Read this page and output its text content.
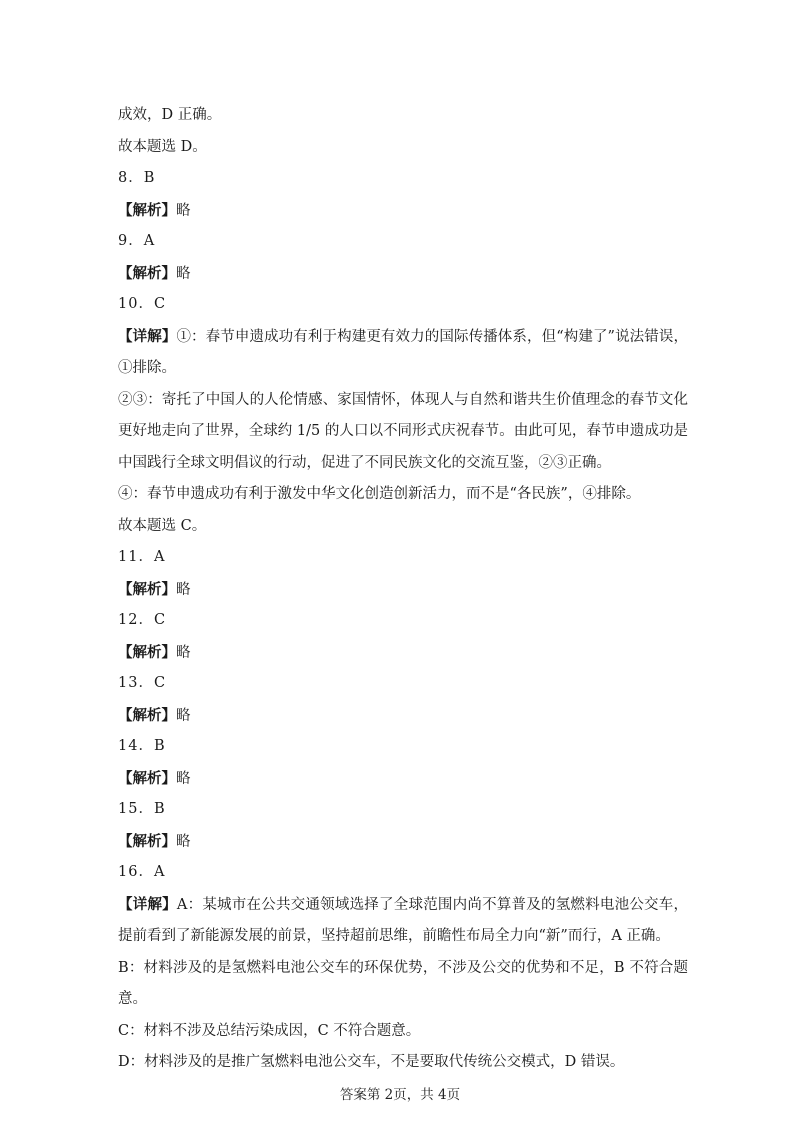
成效，D 正确。
故本题选 D。
8．B
【解析】略
9．A
【解析】略
10．C
【详解】①：春节申遗成功有利于构建更有效力的国际传播体系，但“构建了”说法错误，①排除。
②③：寄托了中国人的人伦情感、家国情怀，体现人与自然和谐共生价值理念的春节文化更好地走向了世界，全球约 1/5 的人口以不同形式庆祝春节。由此可见，春节申遗成功是中国践行全球文明倡议的行动，促进了不同民族文化的交流互鉴，②③正确。
④：春节申遗成功有利于激发中华文化创造创新活力，而不是“各民族”，④排除。
故本题选 C。
11．A
【解析】略
12．C
【解析】略
13．C
【解析】略
14．B
【解析】略
15．B
【解析】略
16．A
【详解】A：某城市在公共交通领域选择了全球范围内尚不算普及的氢燃料电池公交车，提前看到了新能源发展的前景，坚持超前思维，前瞻性布局全力向“新”而行，A 正确。
B：材料涉及的是氢燃料电池公交车的环保优势，不涉及公交的优势和不足，B 不符合题意。
C：材料不涉及总结污染成因，C 不符合题意。
D：材料涉及的是推广氢燃料电池公交车，不是要取代传统公交模式，D 错误。
答案第 2页，共 4页
